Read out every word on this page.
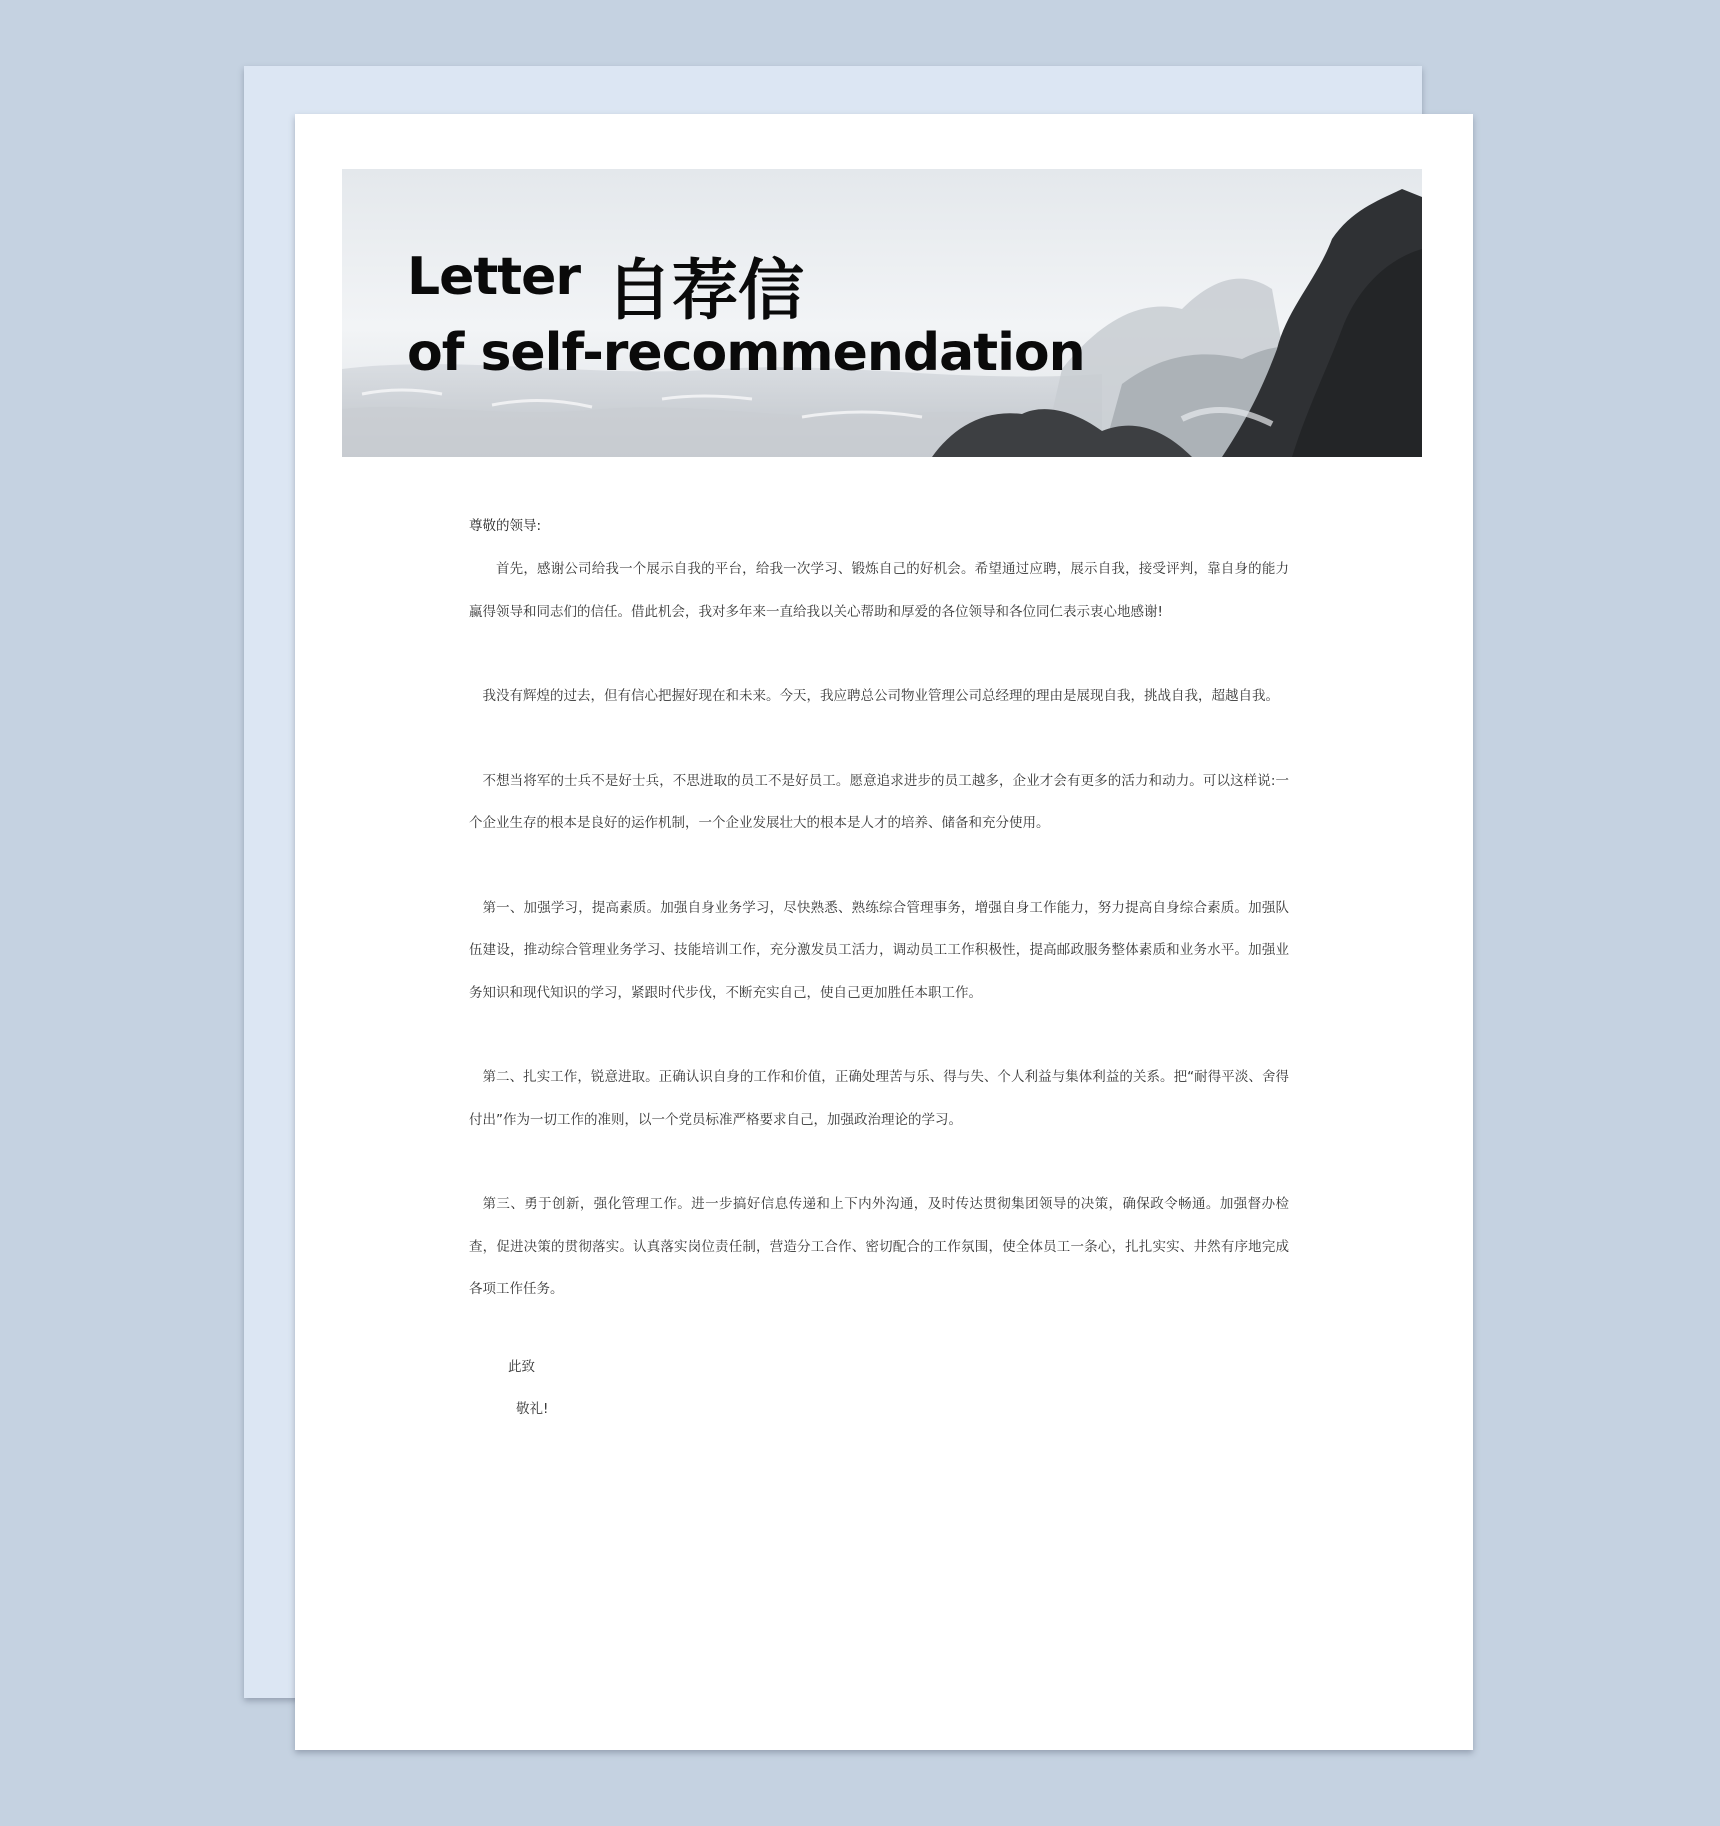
Letter 自荐信
of self-recommendation

尊敬的领导:

首先，感谢公司给我一个展示自我的平台，给我一次学习、锻炼自己的好机会。希望通过应聘，展示自我，接受评判，靠自身的能力赢得领导和同志们的信任。借此机会，我对多年来一直给我以关心帮助和厚爱的各位领导和各位同仁表示衷心地感谢!

我没有辉煌的过去，但有信心把握好现在和未来。今天，我应聘总公司物业管理公司总经理的理由是展现自我，挑战自我，超越自我。

不想当将军的士兵不是好士兵，不思进取的员工不是好员工。愿意追求进步的员工越多，企业才会有更多的活力和动力。可以这样说:一个企业生存的根本是良好的运作机制，一个企业发展壮大的根本是人才的培养、储备和充分使用。

第一、加强学习，提高素质。加强自身业务学习，尽快熟悉、熟练综合管理事务，增强自身工作能力，努力提高自身综合素质。加强队伍建设，推动综合管理业务学习、技能培训工作，充分激发员工活力，调动员工工作积极性，提高邮政服务整体素质和业务水平。加强业务知识和现代知识的学习，紧跟时代步伐，不断充实自己，使自己更加胜任本职工作。

第二、扎实工作，锐意进取。正确认识自身的工作和价值，正确处理苦与乐、得与失、个人利益与集体利益的关系。把“耐得平淡、舍得付出”作为一切工作的准则，以一个党员标准严格要求自己，加强政治理论的学习。

第三、勇于创新，强化管理工作。进一步搞好信息传递和上下内外沟通，及时传达贯彻集团领导的决策，确保政令畅通。加强督办检查，促进决策的贯彻落实。认真落实岗位责任制，营造分工合作、密切配合的工作氛围，使全体员工一条心，扎扎实实、井然有序地完成各项工作任务。

此致

敬礼!
